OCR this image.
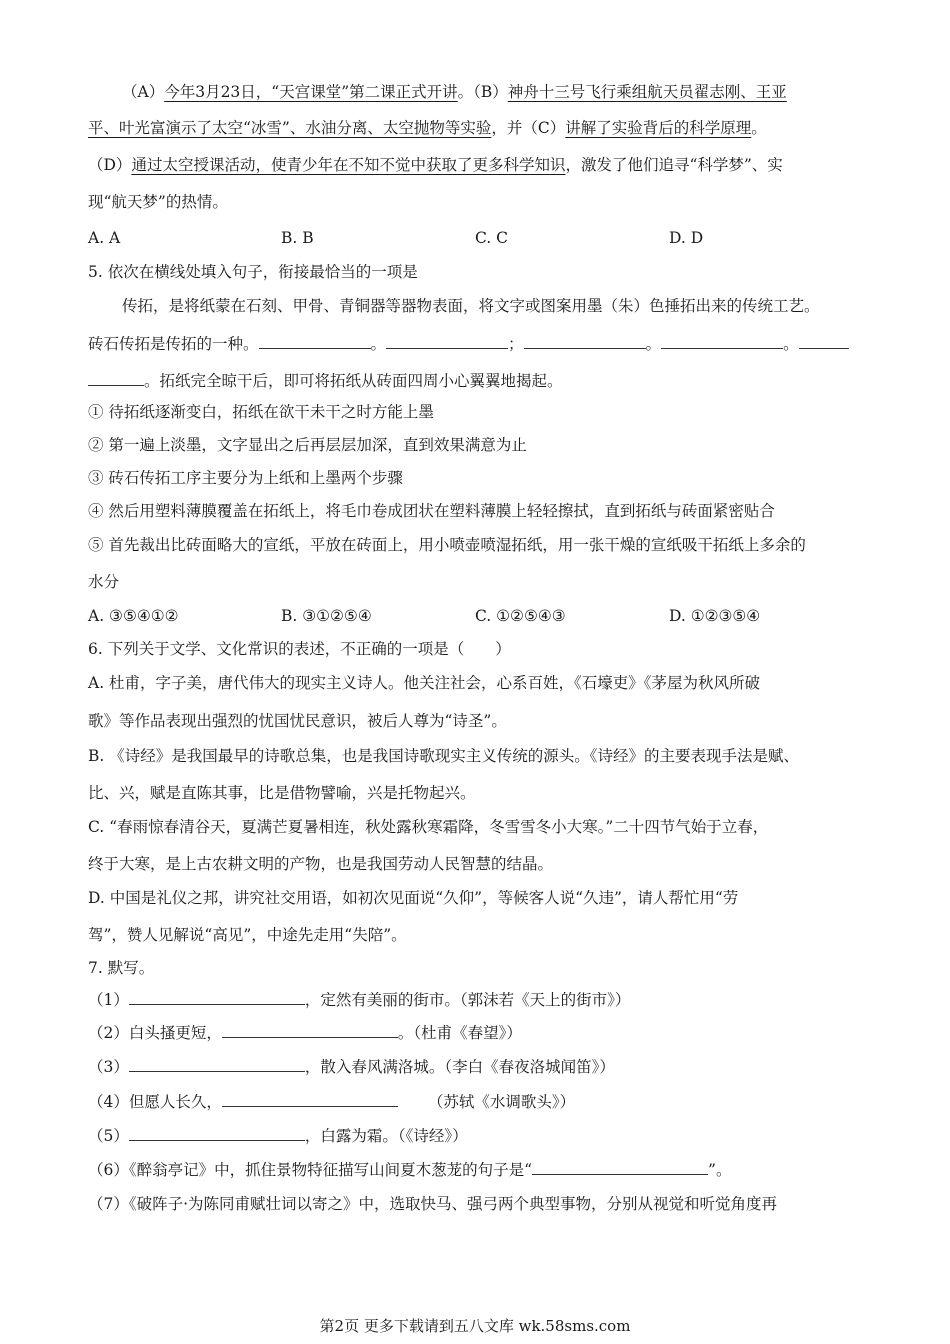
（A）今年3月23日，“天宫课堂”第二课正式开讲。（B）神舟十三号飞行乘组航天员翟志刚、王亚
平、叶光富演示了太空“冰雪”、水油分离、太空抛物等实验，并（C）讲解了实验背后的科学原理。
（D）通过太空授课活动，使青少年在不知不觉中获取了更多科学知识，激发了他们追寻“科学梦”、实
现“航天梦”的热情。
A. A	B. B	C. C	D. D
5. 依次在横线处填入句子，衔接最恰当的一项是
传拓，是将纸蒙在石刻、甲骨、青铜器等器物表面，将文字或图案用墨（朱）色捶拓出来的传统工艺。
砖石传拓是传拓的一种。	。	；	。	。
。拓纸完全晾干后，即可将拓纸从砖面四周小心翼翼地揭起。
① 待拓纸逐渐变白，拓纸在欲干未干之时方能上墨
② 第一遍上淡墨，文字显出之后再层层加深，直到效果满意为止
③ 砖石传拓工序主要分为上纸和上墨两个步骤
④ 然后用塑料薄膜覆盖在拓纸上，将毛巾卷成团状在塑料薄膜上轻轻擦拭，直到拓纸与砖面紧密贴合
⑤ 首先裁出比砖面略大的宣纸，平放在砖面上，用小喷壶喷湿拓纸，用一张干燥的宣纸吸干拓纸上多余的
水分
A. ③⑤④①②	B. ③①②⑤④	C. ①②⑤④③	D. ①②③⑤④
6. 下列关于文学、文化常识的表述，不正确的一项是（　　）
A. 杜甫，字子美，唐代伟大的现实主义诗人。他关注社会，心系百姓，《石壕吏》《茅屋为秋风所破
歌》等作品表现出强烈的忧国忧民意识，被后人尊为“诗圣”。
B. 《诗经》是我国最早的诗歌总集，也是我国诗歌现实主义传统的源头。《诗经》的主要表现手法是赋、
比、兴，赋是直陈其事，比是借物譬喻，兴是托物起兴。
C. “春雨惊春清谷天，夏满芒夏暑相连，秋处露秋寒霜降，冬雪雪冬小大寒。”二十四节气始于立春，
终于大寒，是上古农耕文明的产物，也是我国劳动人民智慧的结晶。
D. 中国是礼仪之邦，讲究社交用语，如初次见面说“久仰”，等候客人说“久违”，请人帮忙用“劳
驾”，赞人见解说“高见”，中途先走用“失陪”。
7. 默写。
（1）	，定然有美丽的街市。（郭沫若《天上的街市》）
（2）白头搔更短，	。（杜甫《春望》）
（3）	，散入春风满洛城。（李白《春夜洛城闻笛》）
（4）但愿人长久，	（苏轼《水调歌头》）
（5）	，白露为霜。（《诗经》）
（6）《醉翁亭记》中，抓住景物特征描写山间夏木葱茏的句子是“	”。
（7）《破阵子·为陈同甫赋壮词以寄之》中，选取快马、强弓两个典型事物，分别从视觉和听觉角度再
第2页 更多下载请到五八文库 wk.58sms.com
